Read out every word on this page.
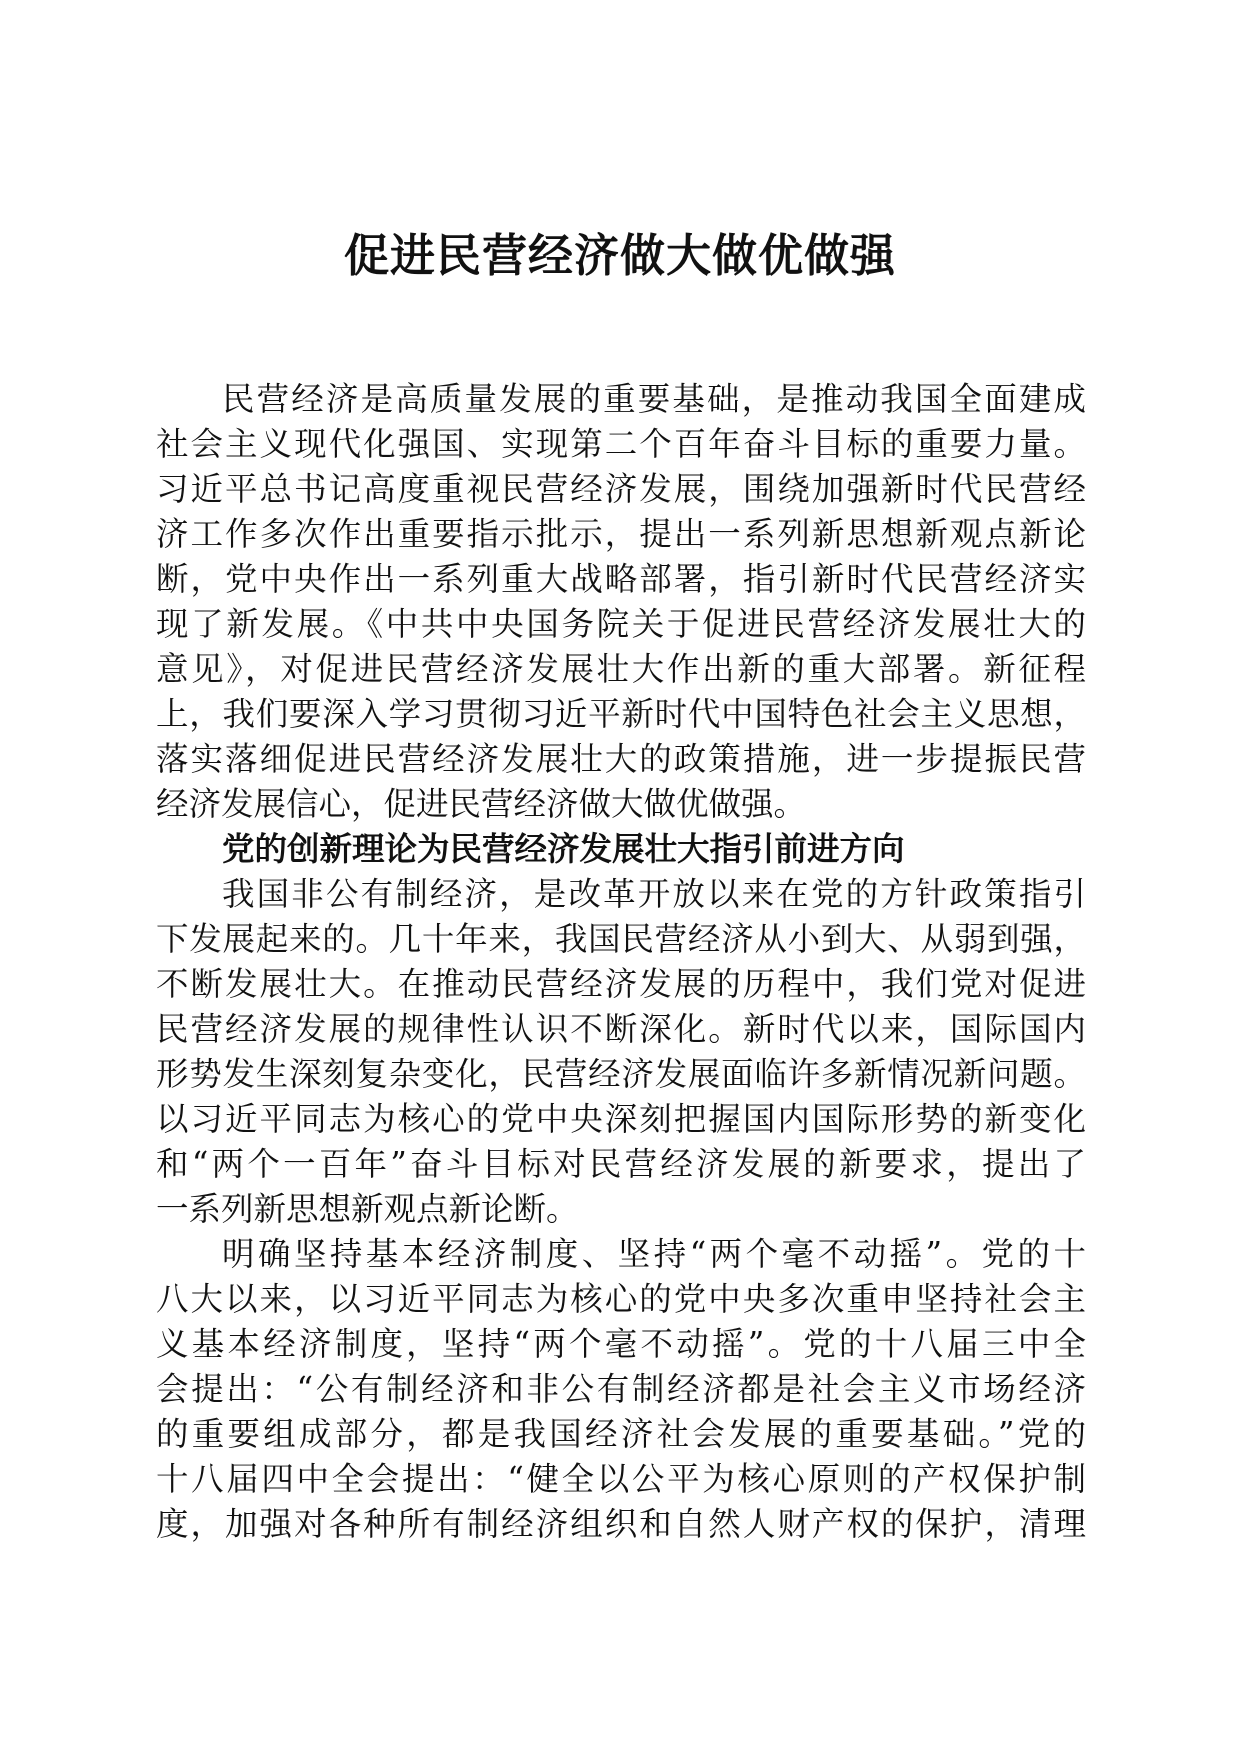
促进民营经济做大做优做强
民营经济是高质量发展的重要基础，是推动我国全面建成
社会主义现代化强国、实现第二个百年奋斗目标的重要力量。
习近平总书记高度重视民营经济发展，围绕加强新时代民营经
济工作多次作出重要指示批示，提出一系列新思想新观点新论
断，党中央作出一系列重大战略部署，指引新时代民营经济实
现了新发展。《中共中央国务院关于促进民营经济发展壮大的
意见》，对促进民营经济发展壮大作出新的重大部署。新征程
上，我们要深入学习贯彻习近平新时代中国特色社会主义思想，
落实落细促进民营经济发展壮大的政策措施，进一步提振民营
经济发展信心，促进民营经济做大做优做强。
党的创新理论为民营经济发展壮大指引前进方向
我国非公有制经济，是改革开放以来在党的方针政策指引
下发展起来的。几十年来，我国民营经济从小到大、从弱到强，
不断发展壮大。在推动民营经济发展的历程中，我们党对促进
民营经济发展的规律性认识不断深化。新时代以来，国际国内
形势发生深刻复杂变化，民营经济发展面临许多新情况新问题。
以习近平同志为核心的党中央深刻把握国内国际形势的新变化
和“两个一百年”奋斗目标对民营经济发展的新要求，提出了
一系列新思想新观点新论断。
明确坚持基本经济制度、坚持“两个毫不动摇”。党的十
八大以来，以习近平同志为核心的党中央多次重申坚持社会主
义基本经济制度，坚持“两个毫不动摇”。党的十八届三中全
会提出：“公有制经济和非公有制经济都是社会主义市场经济
的重要组成部分，都是我国经济社会发展的重要基础。”党的
十八届四中全会提出：“健全以公平为核心原则的产权保护制
度，加强对各种所有制经济组织和自然人财产权的保护，清理
